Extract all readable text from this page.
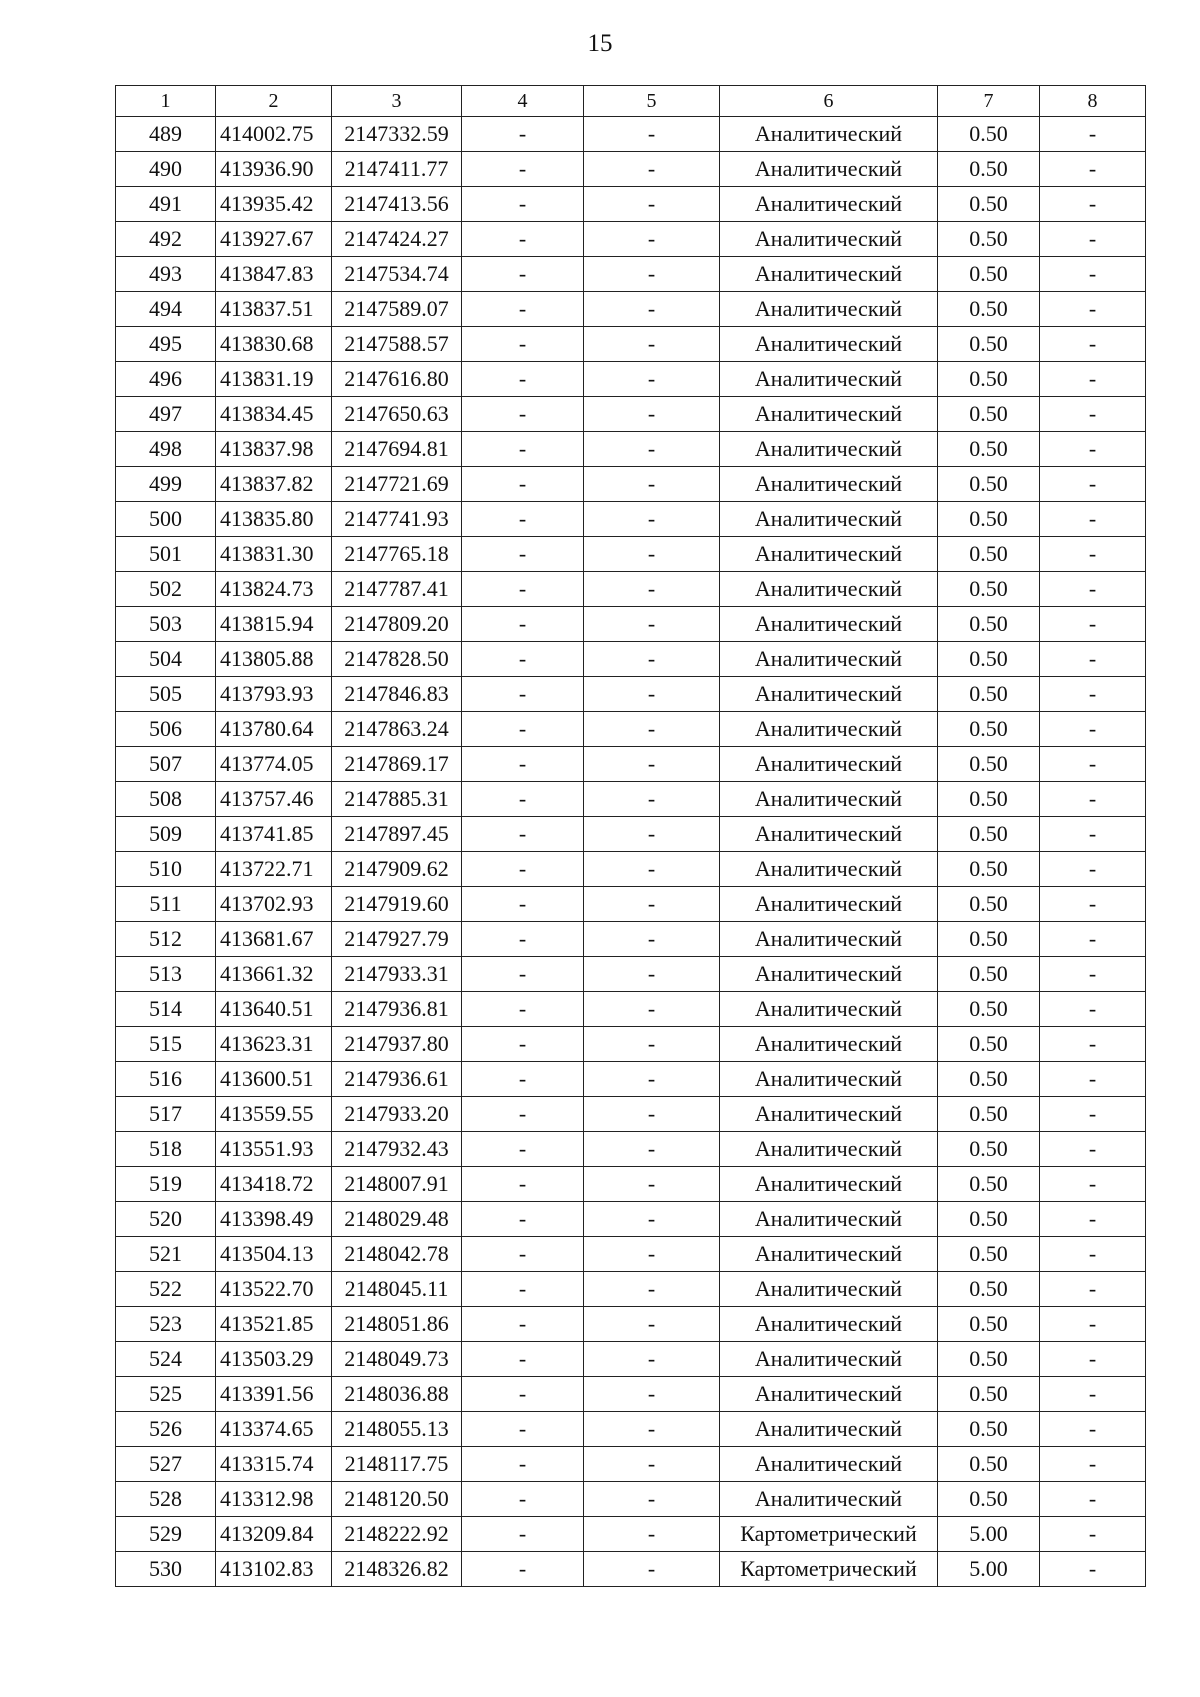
15
1	2	3	4	5	6	7	8
489	414002.75	2147332.59	-	-	Аналитический	0.50	-
490	413936.90	2147411.77	-	-	Аналитический	0.50	-
491	413935.42	2147413.56	-	-	Аналитический	0.50	-
492	413927.67	2147424.27	-	-	Аналитический	0.50	-
493	413847.83	2147534.74	-	-	Аналитический	0.50	-
494	413837.51	2147589.07	-	-	Аналитический	0.50	-
495	413830.68	2147588.57	-	-	Аналитический	0.50	-
496	413831.19	2147616.80	-	-	Аналитический	0.50	-
497	413834.45	2147650.63	-	-	Аналитический	0.50	-
498	413837.98	2147694.81	-	-	Аналитический	0.50	-
499	413837.82	2147721.69	-	-	Аналитический	0.50	-
500	413835.80	2147741.93	-	-	Аналитический	0.50	-
501	413831.30	2147765.18	-	-	Аналитический	0.50	-
502	413824.73	2147787.41	-	-	Аналитический	0.50	-
503	413815.94	2147809.20	-	-	Аналитический	0.50	-
504	413805.88	2147828.50	-	-	Аналитический	0.50	-
505	413793.93	2147846.83	-	-	Аналитический	0.50	-
506	413780.64	2147863.24	-	-	Аналитический	0.50	-
507	413774.05	2147869.17	-	-	Аналитический	0.50	-
508	413757.46	2147885.31	-	-	Аналитический	0.50	-
509	413741.85	2147897.45	-	-	Аналитический	0.50	-
510	413722.71	2147909.62	-	-	Аналитический	0.50	-
511	413702.93	2147919.60	-	-	Аналитический	0.50	-
512	413681.67	2147927.79	-	-	Аналитический	0.50	-
513	413661.32	2147933.31	-	-	Аналитический	0.50	-
514	413640.51	2147936.81	-	-	Аналитический	0.50	-
515	413623.31	2147937.80	-	-	Аналитический	0.50	-
516	413600.51	2147936.61	-	-	Аналитический	0.50	-
517	413559.55	2147933.20	-	-	Аналитический	0.50	-
518	413551.93	2147932.43	-	-	Аналитический	0.50	-
519	413418.72	2148007.91	-	-	Аналитический	0.50	-
520	413398.49	2148029.48	-	-	Аналитический	0.50	-
521	413504.13	2148042.78	-	-	Аналитический	0.50	-
522	413522.70	2148045.11	-	-	Аналитический	0.50	-
523	413521.85	2148051.86	-	-	Аналитический	0.50	-
524	413503.29	2148049.73	-	-	Аналитический	0.50	-
525	413391.56	2148036.88	-	-	Аналитический	0.50	-
526	413374.65	2148055.13	-	-	Аналитический	0.50	-
527	413315.74	2148117.75	-	-	Аналитический	0.50	-
528	413312.98	2148120.50	-	-	Аналитический	0.50	-
529	413209.84	2148222.92	-	-	Картометрический	5.00	-
530	413102.83	2148326.82	-	-	Картометрический	5.00	-
